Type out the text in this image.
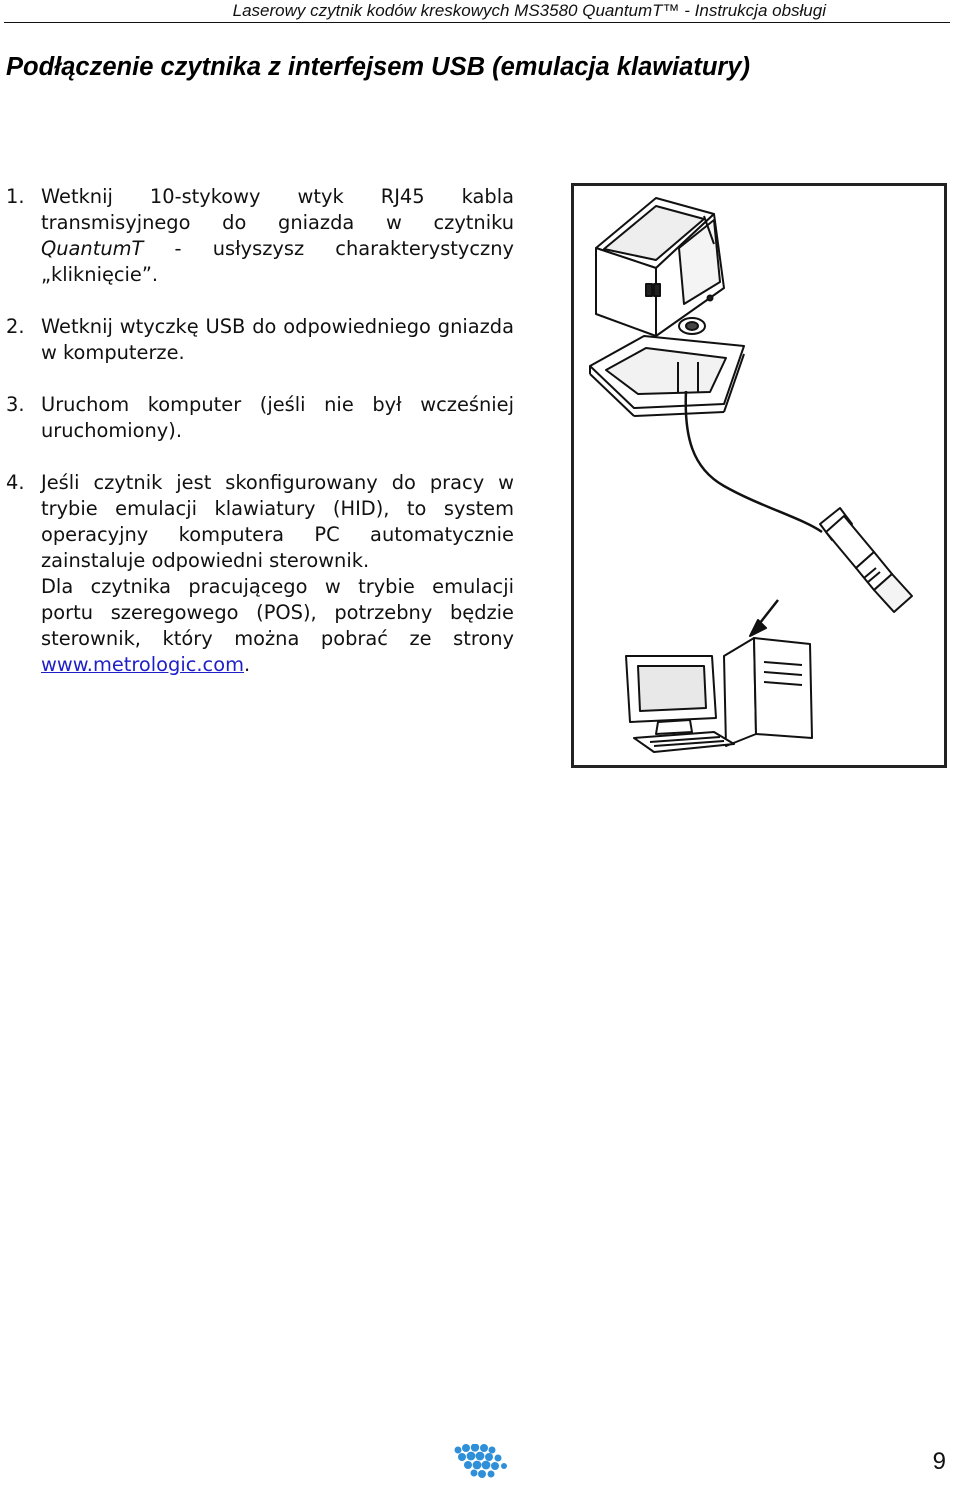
Laserowy czytnik kodów kreskowych MS3580 QuantumT™ - Instrukcja obsługi
Podłączenie czytnika z interfejsem USB (emulacja klawiatury)
1. Wetknij 10-stykowy wtyk RJ45 kabla transmisyjnego do gniazda w czytniku QuantumT - usłyszysz charakterystyczny „kliknięcie”.

2. Wetknij wtyczkę USB do odpowiedniego gniazda w komputerze.

3. Uruchom komputer (jeśli nie był wcześniej uruchomiony).

4. Jeśli czytnik jest skonfigurowany do pracy w trybie emulacji klawiatury (HID), to system operacyjny komputera PC automatycznie zainstaluje odpowiedni sterownik.

Dla czytnika pracującego w trybie emulacji portu szeregowego (POS), potrzebny będzie sterownik, który można pobrać ze strony www.metrologic.com.

9
